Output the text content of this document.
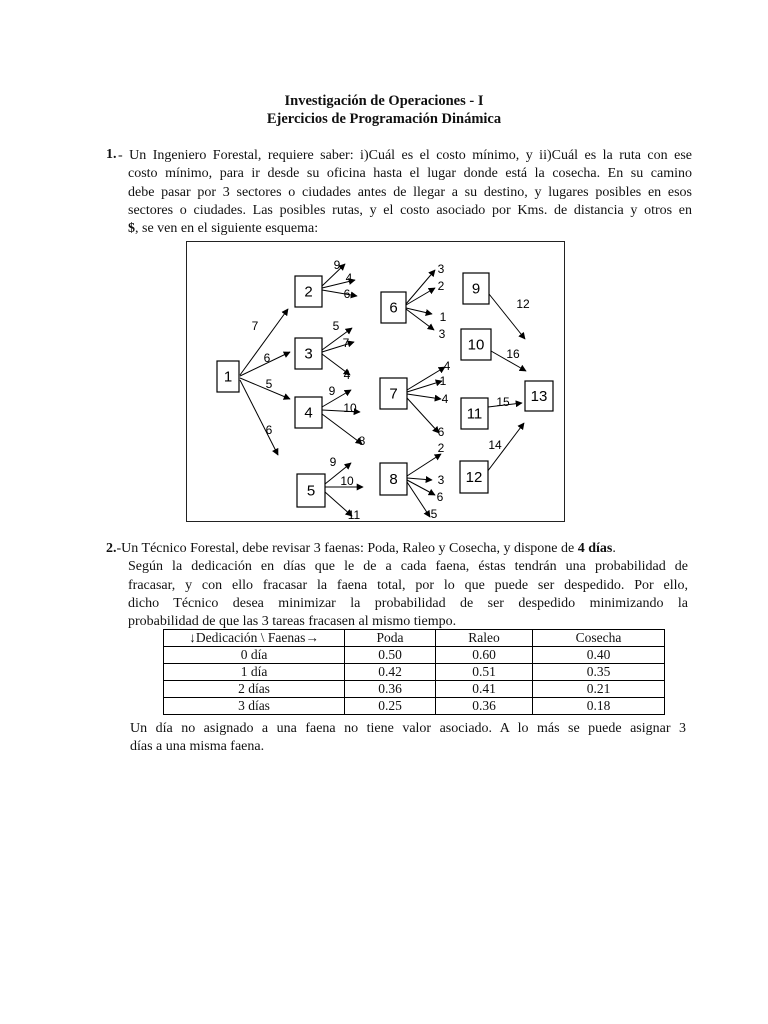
Investigación de Operaciones - I
Ejercicios de Programación Dinámica
1. - Un Ingeniero Forestal, requiere saber: i)Cuál es el costo mínimo, y ii)Cuál es la ruta con ese
costo mínimo, para ir desde su oficina hasta el lugar donde está la cosecha. En su camino
debe pasar por 3 sectores o ciudades antes de llegar a su destino, y lugares posibles en esos
sectores o ciudades. Las posibles rutas, y el costo asociado por Kms. de distancia y otros en
$, se ven en el siguiente esquema:
1
2
3
4
5
6
7
8
9
10
11
12
13
7
6
5
6
9
4
6
5
7
4
9
10
8
9
10
11
3
2
1
3
4
1
4
6
2
3
6
5
12
16
15
14
2.-Un Técnico Forestal, debe revisar 3 faenas: Poda, Raleo y Cosecha, y dispone de 4 días.
Según la dedicación en días que le de a cada faena, éstas tendrán una probabilidad de
fracasar, y con ello fracasar la faena total, por lo que puede ser despedido. Por ello,
dicho Técnico desea minimizar la probabilidad de ser despedido minimizando la
probabilidad de que las 3 tareas fracasen al mismo tiempo.
↓Dedicación \ Faenas→	Poda	Raleo	Cosecha
0 día	0.50	0.60	0.40
1 día	0.42	0.51	0.35
2 días	0.36	0.41	0.21
3 días	0.25	0.36	0.18
Un día no asignado a una faena no tiene valor asociado. A lo más se puede asignar 3
días a una misma faena.
